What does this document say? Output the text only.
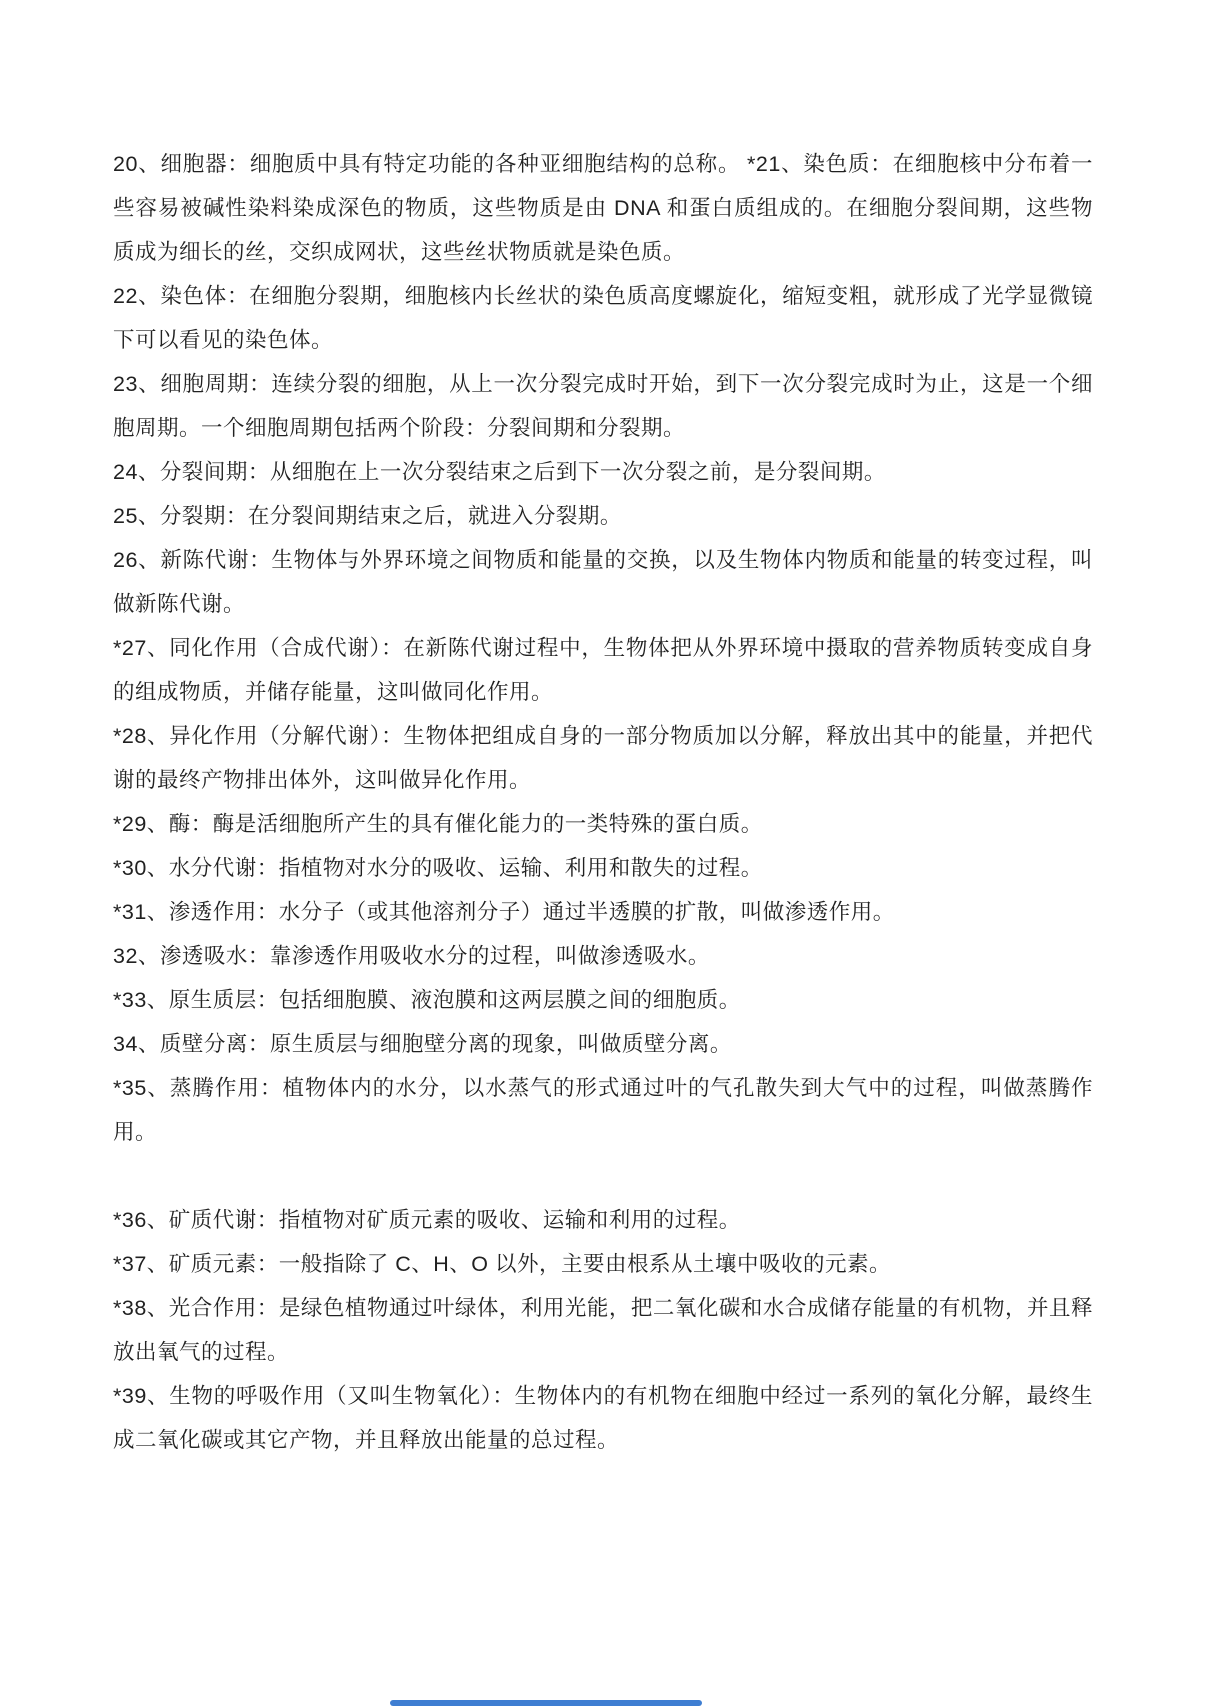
20、细胞器：细胞质中具有特定功能的各种亚细胞结构的总称。 *21、染色质：在细胞核中分布着一些容易被碱性染料染成深色的物质，这些物质是由 DNA 和蛋白质组成的。在细胞分裂间期，这些物质成为细长的丝，交织成网状，这些丝状物质就是染色质。

22、染色体：在细胞分裂期，细胞核内长丝状的染色质高度螺旋化，缩短变粗，就形成了光学显微镜下可以看见的染色体。

23、细胞周期：连续分裂的细胞，从上一次分裂完成时开始，到下一次分裂完成时为止，这是一个细胞周期。一个细胞周期包括两个阶段：分裂间期和分裂期。

24、分裂间期：从细胞在上一次分裂结束之后到下一次分裂之前，是分裂间期。

25、分裂期：在分裂间期结束之后，就进入分裂期。

26、新陈代谢：生物体与外界环境之间物质和能量的交换，以及生物体内物质和能量的转变过程，叫做新陈代谢。

*27、同化作用（合成代谢）：在新陈代谢过程中，生物体把从外界环境中摄取的营养物质转变成自身的组成物质，并储存能量，这叫做同化作用。

*28、异化作用（分解代谢）：生物体把组成自身的一部分物质加以分解，释放出其中的能量，并把代谢的最终产物排出体外，这叫做异化作用。

*29、酶：酶是活细胞所产生的具有催化能力的一类特殊的蛋白质。

*30、水分代谢：指植物对水分的吸收、运输、利用和散失的过程。

*31、渗透作用：水分子（或其他溶剂分子）通过半透膜的扩散，叫做渗透作用。

32、渗透吸水：靠渗透作用吸收水分的过程，叫做渗透吸水。

*33、原生质层：包括细胞膜、液泡膜和这两层膜之间的细胞质。

34、质壁分离：原生质层与细胞壁分离的现象，叫做质壁分离。

*35、蒸腾作用：植物体内的水分，以水蒸气的形式通过叶的气孔散失到大气中的过程，叫做蒸腾作用。

*36、矿质代谢：指植物对矿质元素的吸收、运输和利用的过程。

*37、矿质元素：一般指除了 C、H、O 以外，主要由根系从土壤中吸收的元素。

*38、光合作用：是绿色植物通过叶绿体，利用光能，把二氧化碳和水合成储存能量的有机物，并且释放出氧气的过程。

*39、生物的呼吸作用（又叫生物氧化）：生物体内的有机物在细胞中经过一系列的氧化分解，最终生成二氧化碳或其它产物，并且释放出能量的总过程。
